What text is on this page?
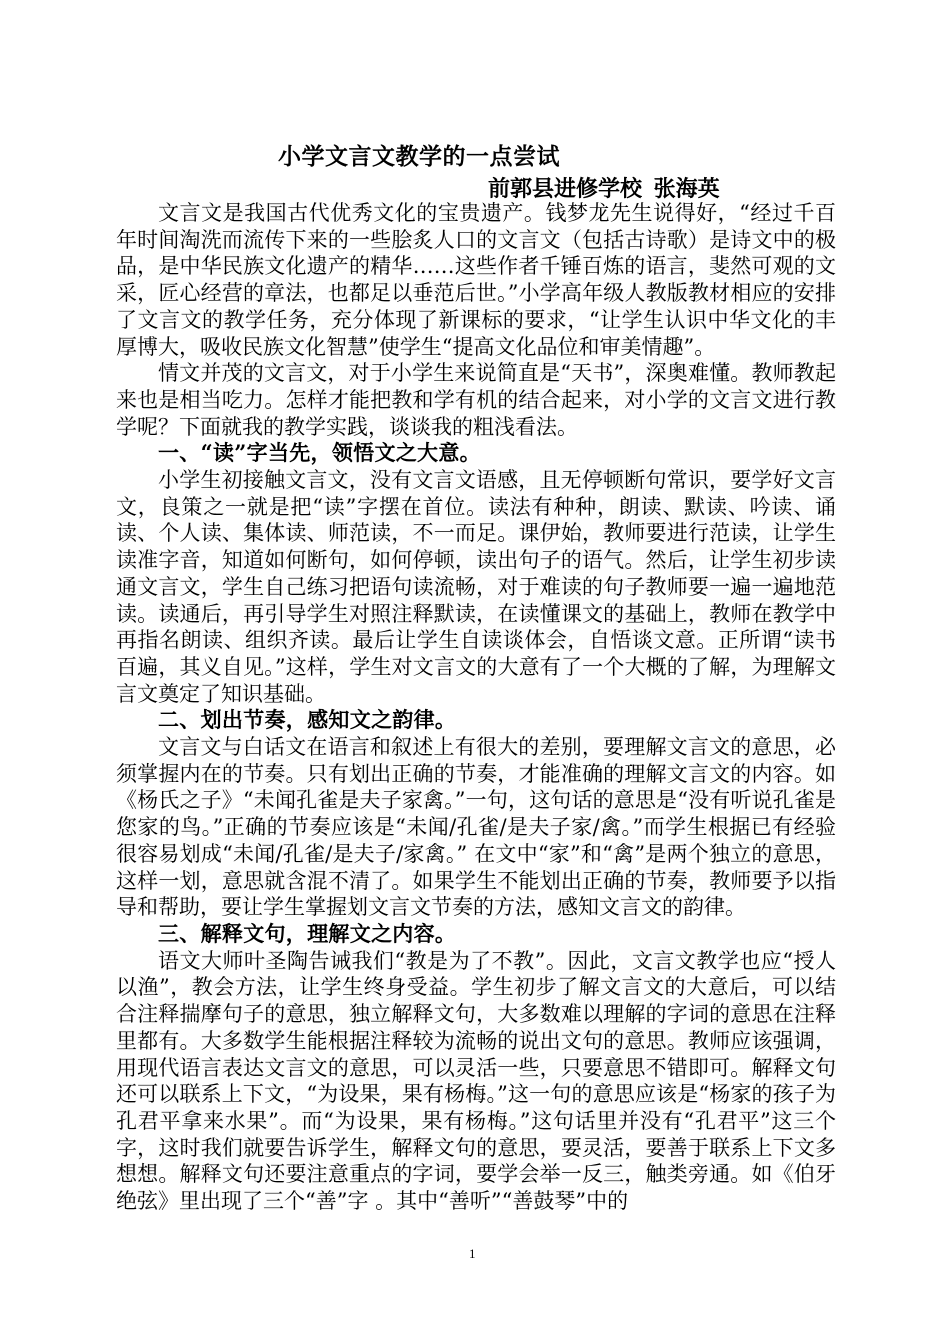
小学文言文教学的一点尝试
前郭县进修学校 张海英

文言文是我国古代优秀文化的宝贵遗产。钱梦龙先生说得好，“经过千百年时间淘洗而流传下来的一些脍炙人口的文言文（包括古诗歌）是诗文中的极品，是中华民族文化遗产的精华……这些作者千锤百炼的语言，斐然可观的文采，匠心经营的章法，也都足以垂范后世。”小学高年级人教版教材相应的安排了文言文的教学任务，充分体现了新课标的要求，“让学生认识中华文化的丰厚博大，吸收民族文化智慧”使学生“提高文化品位和审美情趣”。

情文并茂的文言文，对于小学生来说简直是“天书”，深奥难懂。教师教起来也是相当吃力。怎样才能把教和学有机的结合起来，对小学的文言文进行教学呢？下面就我的教学实践，谈谈我的粗浅看法。

一、“读”字当先，领悟文之大意。

小学生初接触文言文，没有文言文语感，且无停顿断句常识，要学好文言文，良策之一就是把“读”字摆在首位。读法有种种，朗读、默读、吟读、诵读、个人读、集体读、师范读，不一而足。课伊始，教师要进行范读，让学生读准字音，知道如何断句，如何停顿，读出句子的语气。然后，让学生初步读通文言文，学生自己练习把语句读流畅，对于难读的句子教师要一遍一遍地范读。读通后，再引导学生对照注释默读，在读懂课文的基础上，教师在教学中再指名朗读、组织齐读。最后让学生自读谈体会，自悟谈文意。正所谓“读书百遍，其义自见。”这样，学生对文言文的大意有了一个大概的了解，为理解文言文奠定了知识基础。

二、划出节奏，感知文之韵律。

文言文与白话文在语言和叙述上有很大的差别，要理解文言文的意思，必须掌握内在的节奏。只有划出正确的节奏，才能准确的理解文言文的内容。如《杨氏之子》“未闻孔雀是夫子家禽。”一句，这句话的意思是“没有听说孔雀是您家的鸟。”正确的节奏应该是“未闻/孔雀/是夫子家/禽。”而学生根据已有经验很容易划成“未闻/孔雀/是夫子/家禽。” 在文中“家”和“禽”是两个独立的意思，这样一划，意思就含混不清了。如果学生不能划出正确的节奏，教师要予以指导和帮助，要让学生掌握划文言文节奏的方法，感知文言文的韵律。

三、解释文句，理解文之内容。

语文大师叶圣陶告诫我们“教是为了不教”。因此，文言文教学也应“授人以渔”，教会方法，让学生终身受益。学生初步了解文言文的大意后，可以结合注释揣摩句子的意思，独立解释文句，大多数难以理解的字词的意思在注释里都有。大多数学生能根据注释较为流畅的说出文句的意思。教师应该强调，用现代语言表达文言文的意思，可以灵活一些，只要意思不错即可。解释文句还可以联系上下文，“为设果，果有杨梅。”这一句的意思应该是“杨家的孩子为孔君平拿来水果”。而“为设果，果有杨梅。”这句话里并没有“孔君平”这三个字，这时我们就要告诉学生，解释文句的意思，要灵活，要善于联系上下文多想想。解释文句还要注意重点的字词，要学会举一反三，触类旁通。如《伯牙绝弦》里出现了三个“善”字 。其中“善听”“善鼓琴”中的

1
